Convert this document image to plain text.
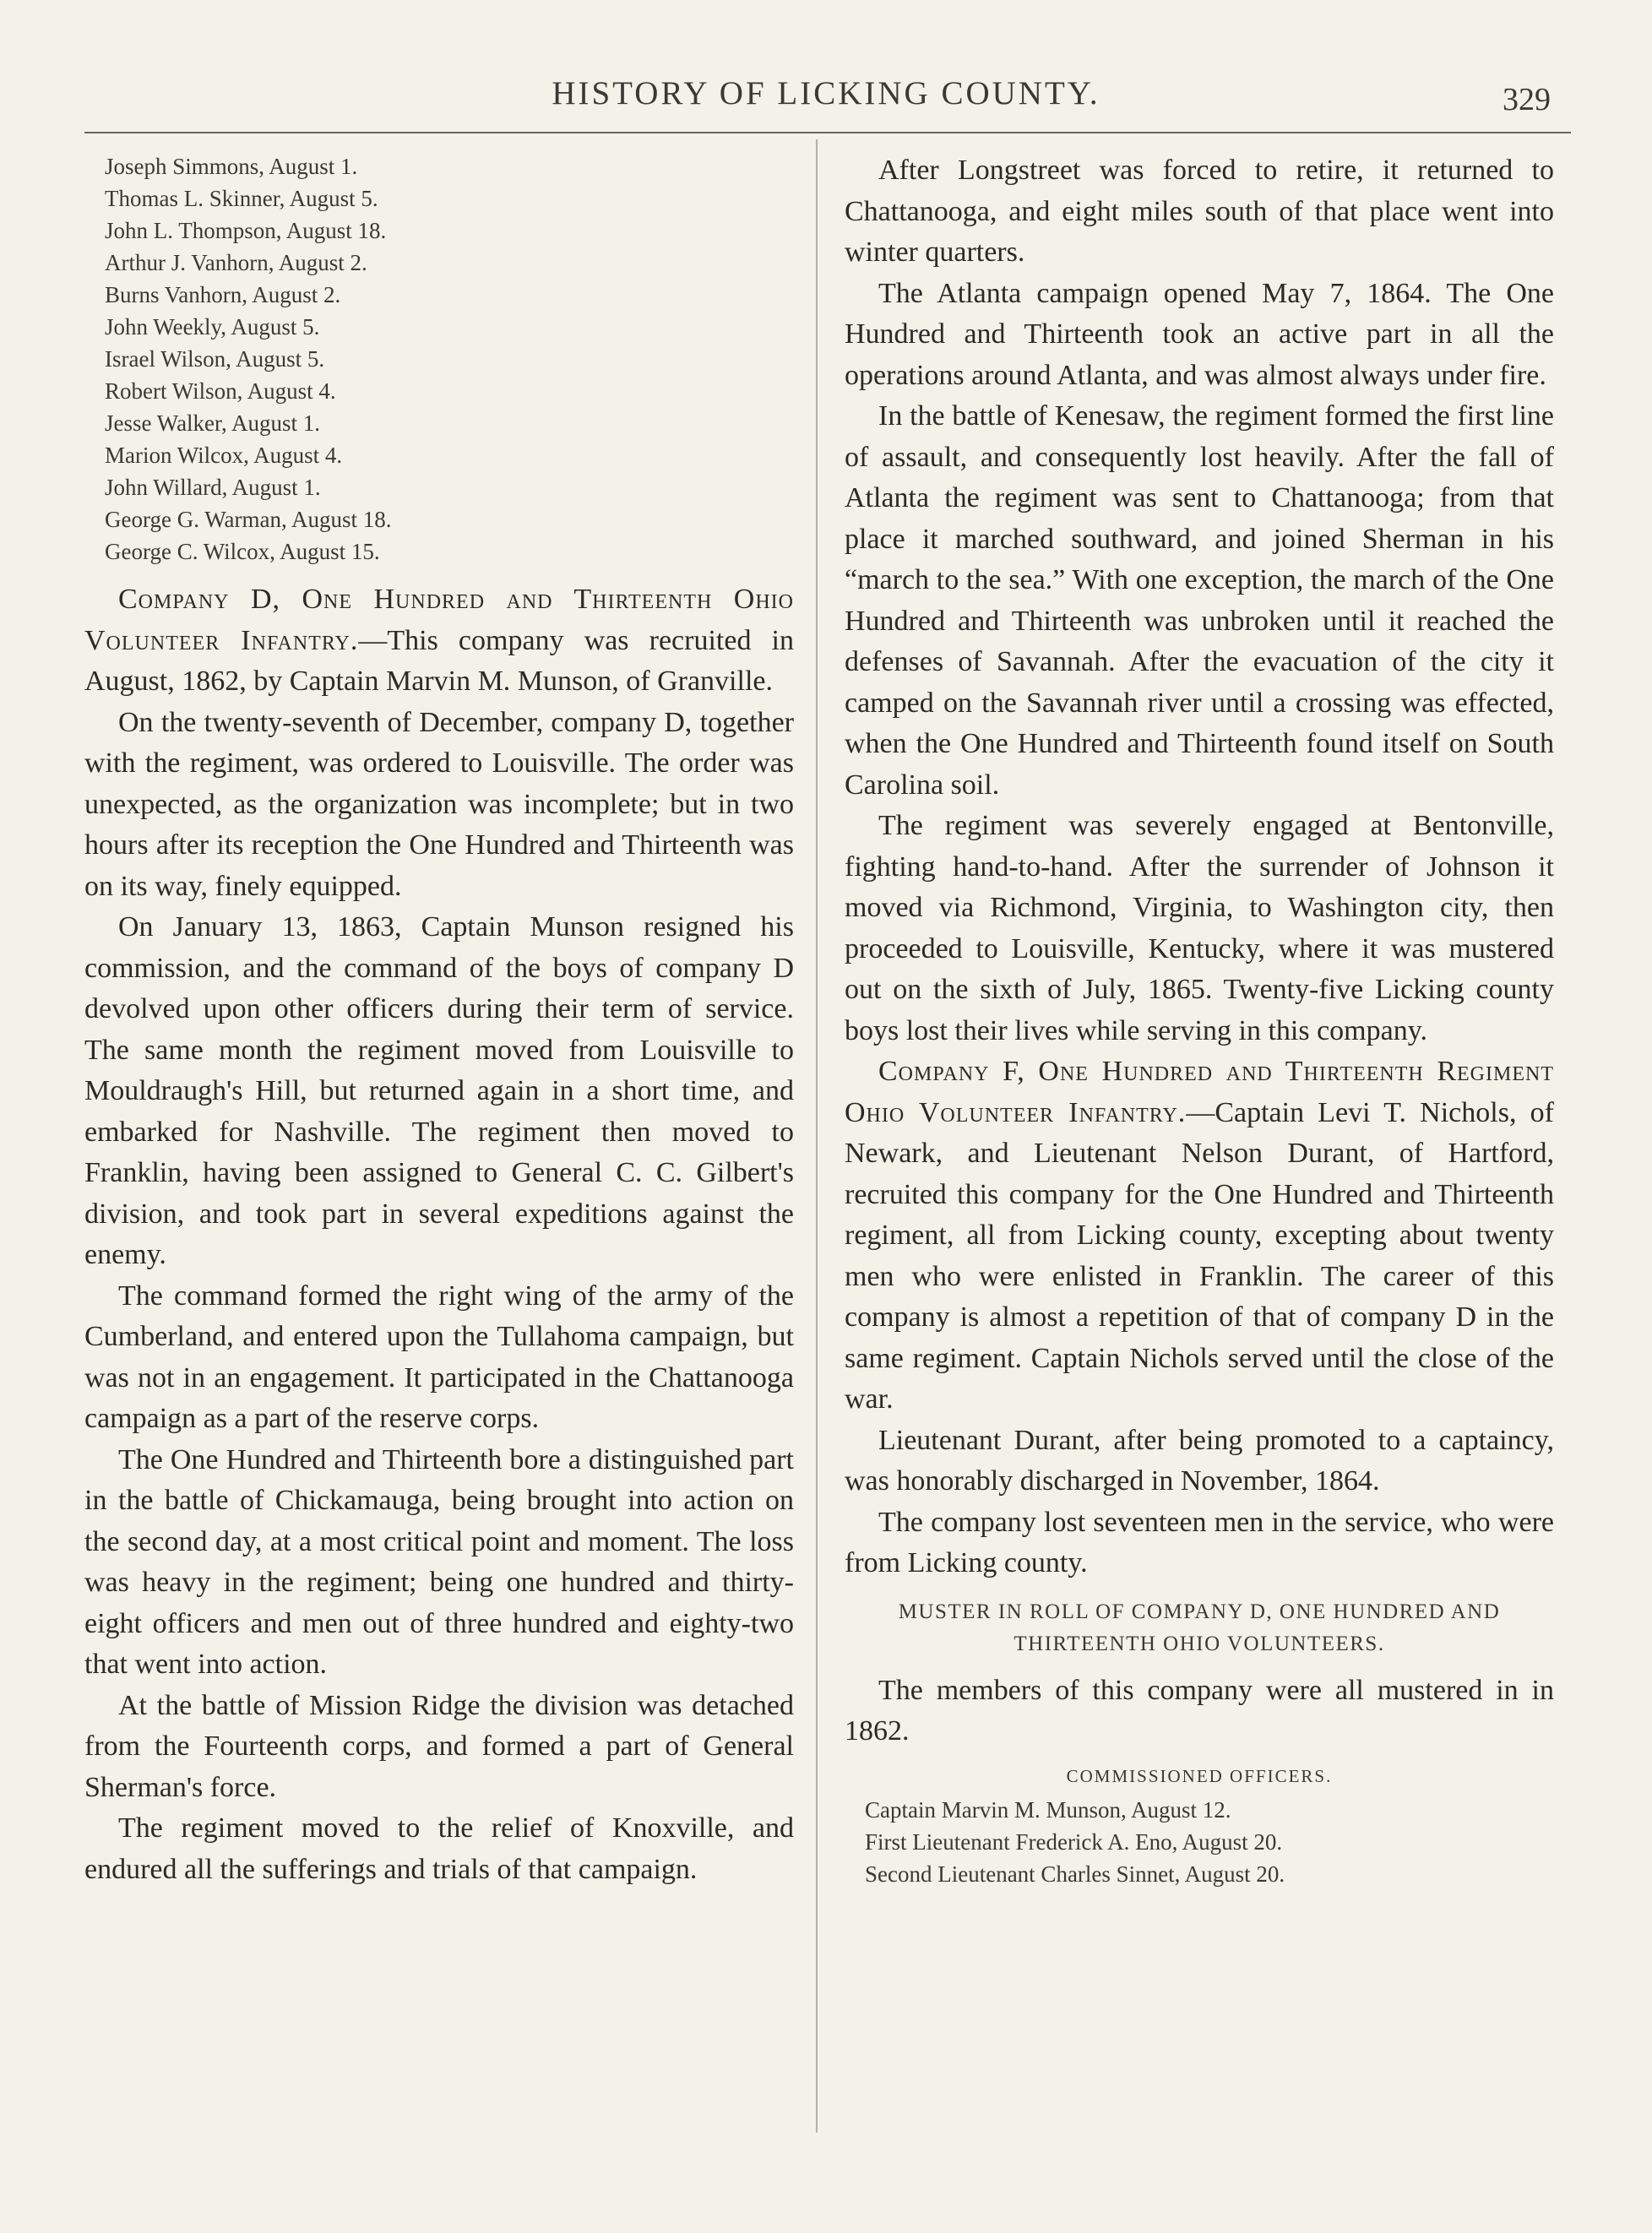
HISTORY OF LICKING COUNTY.	329
Joseph Simmons, August 1.
Thomas L. Skinner, August 5.
John L. Thompson, August 18.
Arthur J. Vanhorn, August 2.
Burns Vanhorn, August 2.
John Weekly, August 5.
Israel Wilson, August 5.
Robert Wilson, August 4.
Jesse Walker, August 1.
Marion Wilcox, August 4.
John Willard, August 1.
George G. Warman, August 18.
George C. Wilcox, August 15.

Company D, One Hundred and Thirteenth Ohio Volunteer Infantry.—This company was recruited in August, 1862, by Captain Marvin M. Munson, of Granville.

On the twenty-seventh of December, company D, together with the regiment, was ordered to Louisville. The order was unexpected, as the organization was incomplete; but in two hours after its reception the One Hundred and Thirteenth was on its way, finely equipped.

On January 13, 1863, Captain Munson resigned his commission, and the command of the boys of company D devolved upon other officers during their term of service. The same month the regiment moved from Louisville to Mouldraugh's Hill, but returned again in a short time, and embarked for Nashville. The regiment then moved to Franklin, having been assigned to General C. C. Gilbert's division, and took part in several expeditions against the enemy.

The command formed the right wing of the army of the Cumberland, and entered upon the Tullahoma campaign, but was not in an engagement. It participated in the Chattanooga campaign as a part of the reserve corps.

The One Hundred and Thirteenth bore a distinguished part in the battle of Chickamauga, being brought into action on the second day, at a most critical point and moment. The loss was heavy in the regiment; being one hundred and thirty-eight officers and men out of three hundred and eighty-two that went into action.

At the battle of Mission Ridge the division was detached from the Fourteenth corps, and formed a part of General Sherman's force.

The regiment moved to the relief of Knoxville, and endured all the sufferings and trials of that campaign.

After Longstreet was forced to retire, it returned to Chattanooga, and eight miles south of that place went into winter quarters.

The Atlanta campaign opened May 7, 1864. The One Hundred and Thirteenth took an active part in all the operations around Atlanta, and was almost always under fire.

In the battle of Kenesaw, the regiment formed the first line of assault, and consequently lost heavily. After the fall of Atlanta the regiment was sent to Chattanooga; from that place it marched southward, and joined Sherman in his “march to the sea.” With one exception, the march of the One Hundred and Thirteenth was unbroken until it reached the defenses of Savannah. After the evacuation of the city it camped on the Savannah river until a crossing was effected, when the One Hundred and Thirteenth found itself on South Carolina soil.

The regiment was severely engaged at Bentonville, fighting hand-to-hand. After the surrender of Johnson it moved via Richmond, Virginia, to Washington city, then proceeded to Louisville, Kentucky, where it was mustered out on the sixth of July, 1865. Twenty-five Licking county boys lost their lives while serving in this company.

Company F, One Hundred and Thirteenth Regiment Ohio Volunteer Infantry.—Captain Levi T. Nichols, of Newark, and Lieutenant Nelson Durant, of Hartford, recruited this company for the One Hundred and Thirteenth regiment, all from Licking county, excepting about twenty men who were enlisted in Franklin. The career of this company is almost a repetition of that of company D in the same regiment. Captain Nichols served until the close of the war.

Lieutenant Durant, after being promoted to a captaincy, was honorably discharged in November, 1864.

The company lost seventeen men in the service, who were from Licking county.

MUSTER IN ROLL OF COMPANY D, ONE HUNDRED AND THIRTEENTH OHIO VOLUNTEERS.

The members of this company were all mustered in in 1862.

COMMISSIONED OFFICERS.
Captain Marvin M. Munson, August 12.
First Lieutenant Frederick A. Eno, August 20.
Second Lieutenant Charles Sinnet, August 20.
